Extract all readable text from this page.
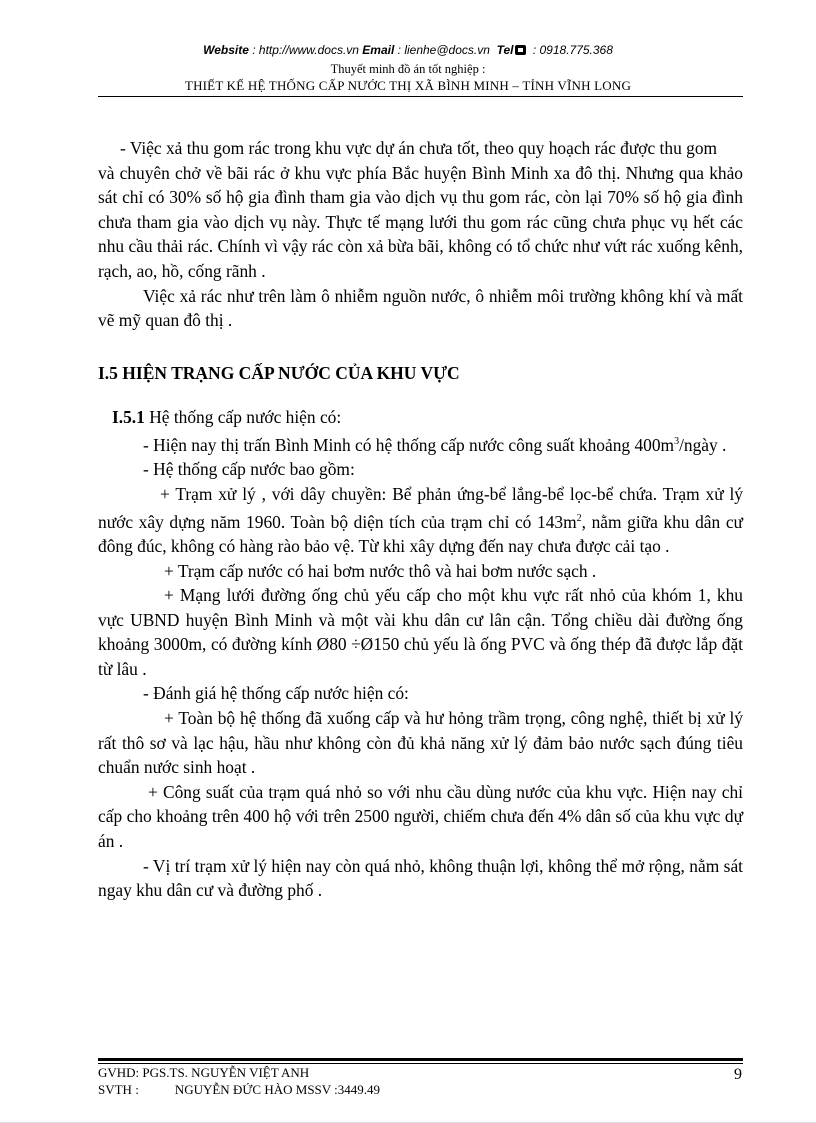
Website : http://www.docs.vn Email : lienhe@docs.vn Tel : 0918.775.368
Thuyết minh đồ án tốt nghiệp :
THIẾT KẾ HỆ THỐNG CẤP NƯỚC THỊ XÃ BÌNH MINH – TỈNH VĨNH LONG

- Việc xả thu gom rác trong khu vực dự án chưa tốt, theo quy hoạch rác được thu gom

và chuyên chở về bãi rác ở khu vực phía Bắc huyện Bình Minh xa đô thị. Nhưng qua khảo sát chỉ có 30% số hộ gia đình tham gia vào dịch vụ thu gom rác, còn lại 70% số hộ gia đình chưa tham gia vào dịch vụ này. Thực tế mạng lưới thu gom rác cũng chưa phục vụ hết các nhu cầu thải rác. Chính vì vậy rác còn xả bừa bãi, không có tổ chức như vứt rác xuống kênh, rạch, ao, hồ, cống rãnh .

Việc xả rác như trên làm ô nhiễm nguồn nước, ô nhiễm môi trường không khí và mất vẽ mỹ quan đô thị .

I.5 HIỆN TRẠNG CẤP NƯỚC CỦA KHU VỰC
I.5.1 Hệ thống cấp nước hiện có:

- Hiện nay thị trấn Bình Minh có hệ thống cấp nước công suất khoảng $400m^3$/ngày .

- Hệ thống cấp nước bao gồm:

+ Trạm xử lý , với dây chuyền: Bể phản ứng-bể lắng-bể lọc-bể chứa. Trạm xử lý nước xây dựng năm 1960. Toàn bộ diện tích của trạm chỉ có $143m^2$, nằm giữa khu dân cư đông đúc, không có hàng rào bảo vệ. Từ khi xây dựng đến nay chưa được cải tạo .

+ Trạm cấp nước có hai bơm nước thô và hai bơm nước sạch .

+ Mạng lưới đường ống chủ yếu cấp cho một khu vực rất nhỏ của khóm 1, khu vực UBND huyện Bình Minh và một vài khu dân cư lân cận. Tổng chiều dài đường ống khoảng 3000m, có đường kính Ø80 ÷Ø150 chủ yếu là ống PVC và ống thép đã được lắp đặt từ lâu .

- Đánh giá hệ thống cấp nước hiện có:

+ Toàn bộ hệ thống đã xuống cấp và hư hỏng trầm trọng, công nghệ, thiết bị xử lý rất thô sơ và lạc hậu, hầu như không còn đủ khả năng xử lý đảm bảo nước sạch đúng tiêu chuẩn nước sinh hoạt .

+ Công suất của trạm quá nhỏ so với nhu cầu dùng nước của khu vực. Hiện nay chỉ cấp cho khoảng trên 400 hộ với trên 2500 người, chiếm chưa đến 4% dân số của khu vực dự án .

- Vị trí trạm xử lý hiện nay còn quá nhỏ, không thuận lợi, không thể mở rộng, nằm sát ngay khu dân cư và đường phố .

GVHD: PGS.TS. NGUYỄN VIỆT ANH
SVTH :	NGUYỄN ĐỨC HÀO MSSV :3449.49
9
